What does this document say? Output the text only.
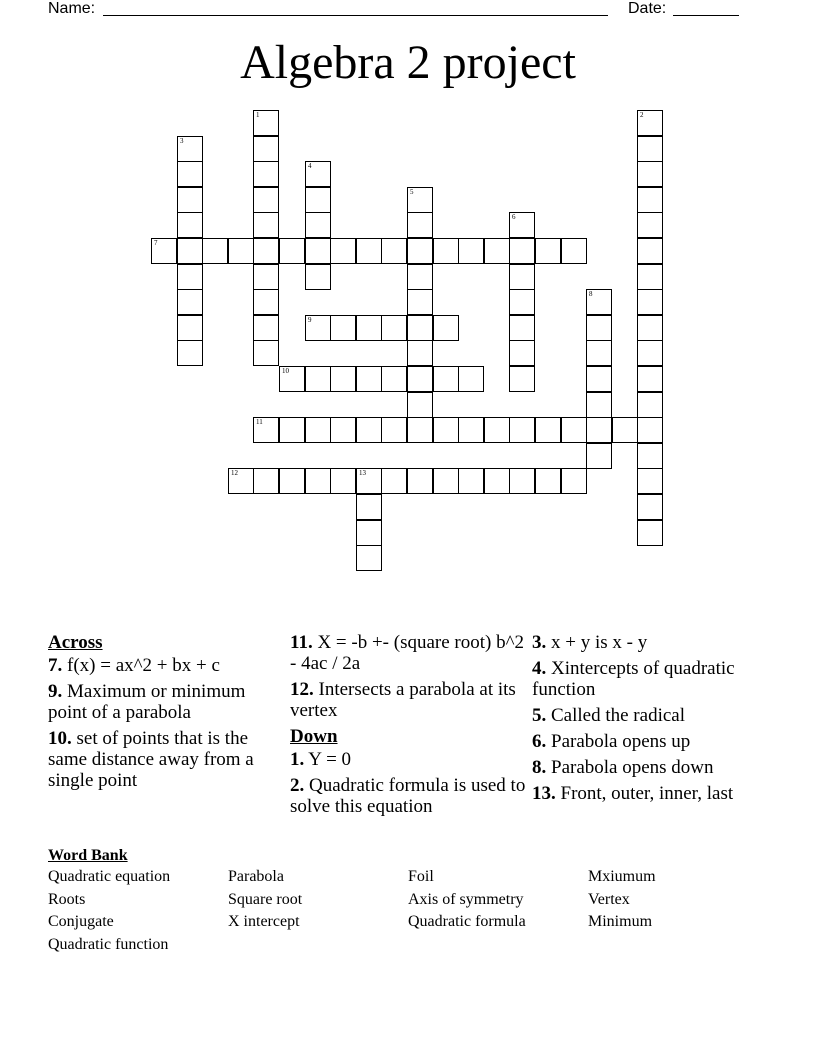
Name:	Date:
Algebra 2 project
7
9
10
11
12	13
1	2
3
4
5
6
8
Across
7. f(x) = ax^2 + bx + c
9. Maximum or minimum point of a parabola
10. set of points that is the same distance away from a single point
11. X = -b +- (square root) b^2 - 4ac / 2a
12. Intersects a parabola at its vertex
Down
1. Y = 0
2. Quadratic formula is used to solve this equation
3. x + y is x - y
4. Xintercepts of quadratic function
5. Called the radical
6. Parabola opens up
8. Parabola opens down
13. Front, outer, inner, last
Word Bank
Quadratic equation	Parabola	Foil	Mxiumum
Roots	Square root	Axis of symmetry	Vertex
Conjugate	X intercept	Quadratic formula	Minimum
Quadratic function
